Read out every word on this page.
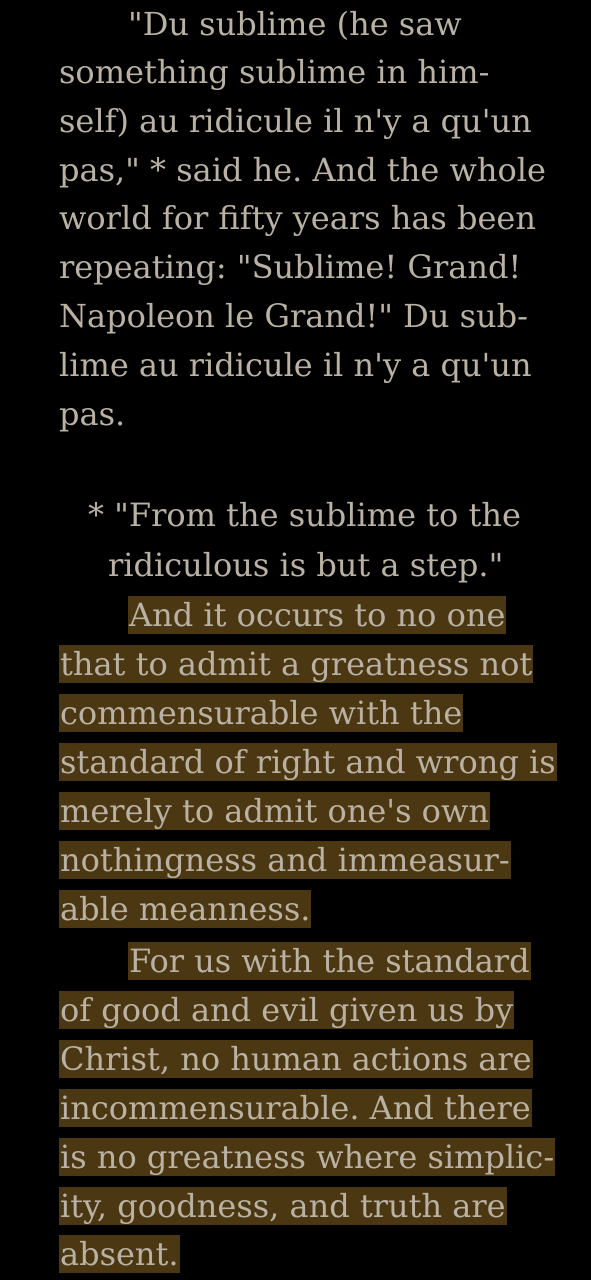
"Du sublime (he saw
something sublime in him-
self) au ridicule il n'y a qu'un
pas," * said he. And the whole
world for fifty years has been
repeating: "Sublime! Grand!
Napoleon le Grand!" Du sub-
lime au ridicule il n'y a qu'un
pas.
* "From the sublime to the
ridiculous is but a step."
And it occurs to no one
that to admit a greatness not
commensurable with the
standard of right and wrong is
merely to admit one's own
nothingness and immeasur-
able meanness.
For us with the standard
of good and evil given us by
Christ, no human actions are
incommensurable. And there
is no greatness where simplic-
ity, goodness, and truth are
absent.
